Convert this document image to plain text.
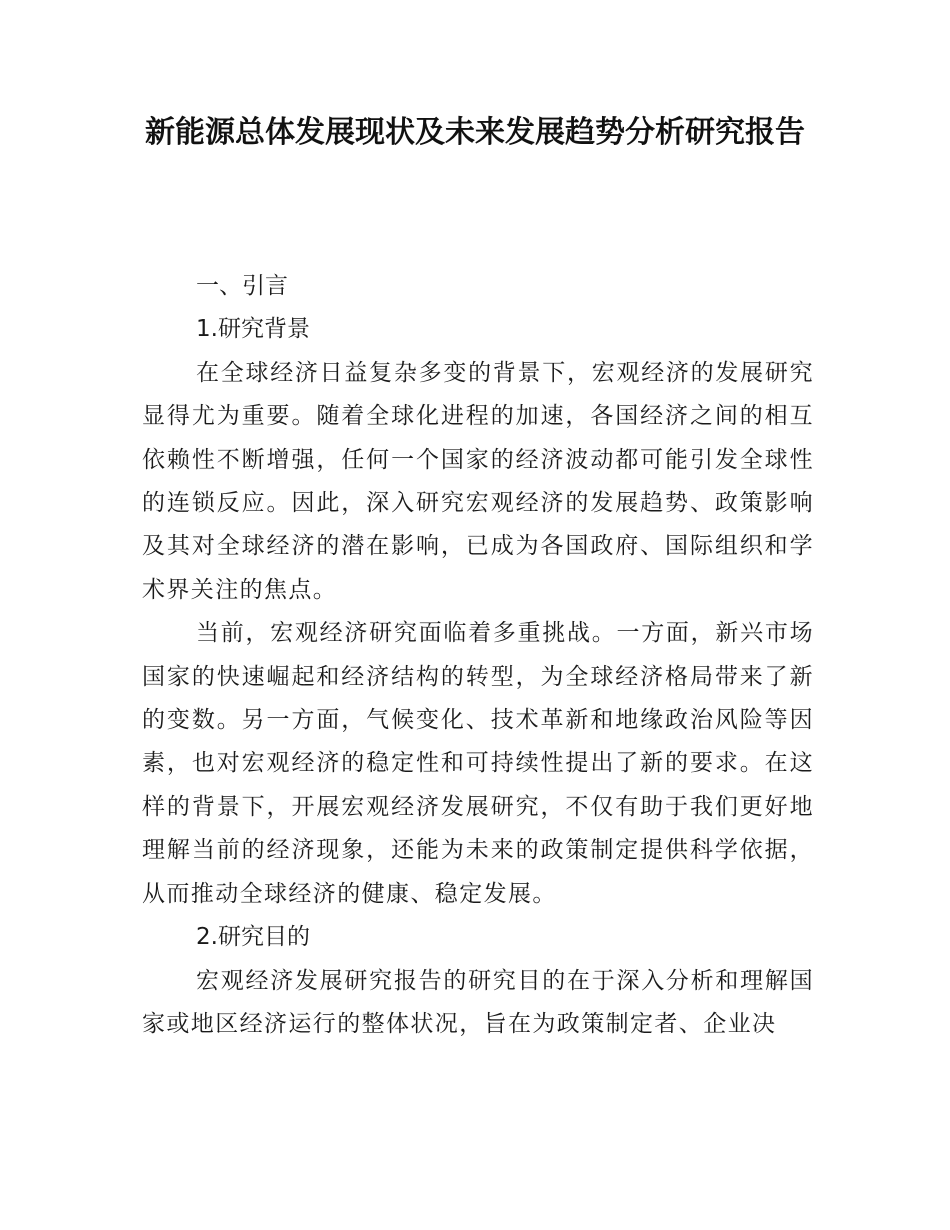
新能源总体发展现状及未来发展趋势分析研究报告

一、引言

1.研究背景

在全球经济日益复杂多变的背景下，宏观经济的发展研究显得尤为重要。随着全球化进程的加速，各国经济之间的相互依赖性不断增强，任何一个国家的经济波动都可能引发全球性的连锁反应。因此，深入研究宏观经济的发展趋势、政策影响及其对全球经济的潜在影响，已成为各国政府、国际组织和学术界关注的焦点。

当前，宏观经济研究面临着多重挑战。一方面，新兴市场国家的快速崛起和经济结构的转型，为全球经济格局带来了新的变数。另一方面，气候变化、技术革新和地缘政治风险等因素，也对宏观经济的稳定性和可持续性提出了新的要求。在这样的背景下，开展宏观经济发展研究，不仅有助于我们更好地理解当前的经济现象，还能为未来的政策制定提供科学依据，从而推动全球经济的健康、稳定发展。

2.研究目的

宏观经济发展研究报告的研究目的在于深入分析和理解国家或地区经济运行的整体状况，旨在为政策制定者、企业决
